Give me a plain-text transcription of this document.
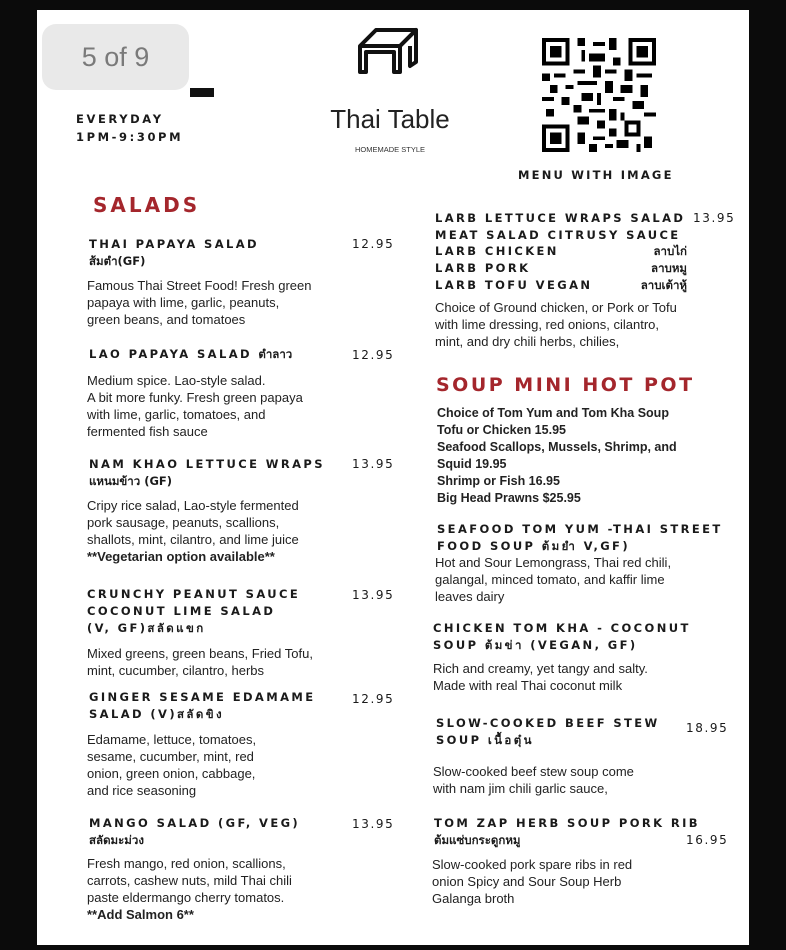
5 of 9
EVERYDAY
1PM-9:30PM
Thai Table
HOMEMADE STYLE
MENU WITH IMAGE
SALADS
THAI PAPAYA SALAD
ส้มตำ(GF)
12.95
Famous Thai Street Food! Fresh green
papaya with lime, garlic, peanuts,
green beans, and tomatoes
LAO PAPAYA SALAD ตำลาว	12.95
Medium spice. Lao-style salad.
A bit more funky. Fresh green papaya
with lime, garlic, tomatoes, and
fermented fish sauce
NAM KHAO LETTUCE WRAPS
แหนมข้าว (GF)
13.95
Cripy rice salad, Lao-style fermented
pork sausage, peanuts, scallions,
shallots, mint, cilantro, and lime juice
**Vegetarian option available**
CRUNCHY PEANUT SAUCE
COCONUT LIME SALAD
(V, GF)สลัดแขก
13.95
Mixed greens, green beans, Fried Tofu,
mint, cucumber, cilantro, herbs
GINGER SESAME EDAMAME
SALAD (V)สลัดขิง
12.95
Edamame, lettuce, tomatoes,
sesame, cucumber, mint, red
onion, green onion, cabbage,
and rice seasoning
MANGO SALAD (GF, VEG)
สลัดมะม่วง
13.95
Fresh mango, red onion, scallions,
carrots, cashew nuts, mild Thai chili
paste eldermango cherry tomatos.
**Add Salmon 6**
LARB LETTUCE WRAPS SALAD 13.95
MEAT SALAD CITRUSY SAUCE
LARB CHICKEN	ลาบไก่
LARB PORK	ลาบหมู
LARB TOFU VEGAN	ลาบเต้าหู้
Choice of Ground chicken, or Pork or Tofu
with lime dressing, red onions, cilantro,
mint, and dry chili herbs, chilies,
SOUP MINI HOT POT
Choice of Tom Yum and Tom Kha Soup
Tofu or Chicken 15.95
Seafood Scallops, Mussels, Shrimp, and
Squid 19.95
Shrimp or Fish 16.95
Big Head Prawns $25.95
SEAFOOD TOM YUM -THAI STREET
FOOD SOUP ต้มยำ V,GF)
Hot and Sour Lemongrass, Thai red chili,
galangal, minced tomato, and kaffir lime
leaves dairy
CHICKEN TOM KHA - COCONUT
SOUP ต้มข่า (VEGAN, GF)
Rich and creamy, yet tangy and salty.
Made with real Thai coconut milk
SLOW-COOKED BEEF STEW
SOUP เนื้อตุ๋น
18.95
Slow-cooked beef stew soup come
with nam jim chili garlic sauce,
TOM ZAP HERB SOUP PORK RIB
ต้มแซ่บกระดูกหมู	16.95
Slow-cooked pork spare ribs in red
onion Spicy and Sour Soup Herb
Galanga broth
